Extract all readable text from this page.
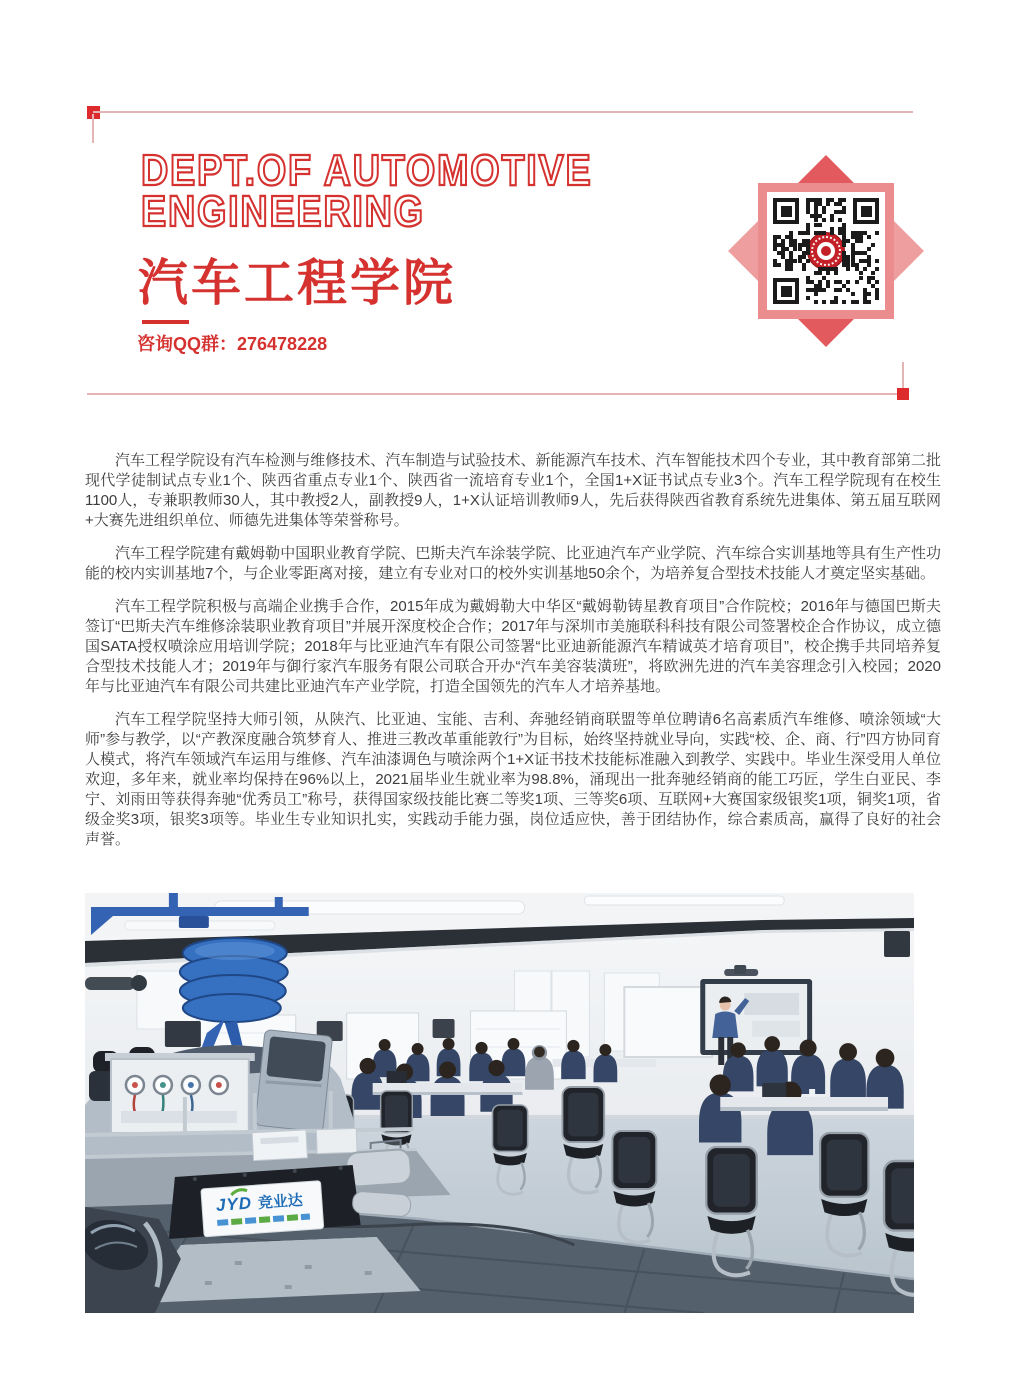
DEPT.OF AUTOMOTIVE
ENGINEERING
汽车工程学院
咨询QQ群：276478228

汽车工程学院设有汽车检测与维修技术、汽车制造与试验技术、新能源汽车技术、汽车智能技术四个专业，其中教育部第二批现代学徒制试点专业1个、陕西省重点专业1个、陕西省一流培育专业1个，全国1+X证书试点专业3个。汽车工程学院现有在校生1100人，专兼职教师30人，其中教授2人，副教授9人，1+X认证培训教师9人，先后获得陕西省教育系统先进集体、第五届互联网+大赛先进组织单位、师德先进集体等荣誉称号。

汽车工程学院建有戴姆勒中国职业教育学院、巴斯夫汽车涂装学院、比亚迪汽车产业学院、汽车综合实训基地等具有生产性功能的校内实训基地7个，与企业零距离对接，建立有专业对口的校外实训基地50余个，为培养复合型技术技能人才奠定坚实基础。

汽车工程学院积极与高端企业携手合作，2015年成为戴姆勒大中华区“戴姆勒铸星教育项目”合作院校；2016年与德国巴斯夫签订“巴斯夫汽车维修涂装职业教育项目”并展开深度校企合作；2017年与深圳市美施联科科技有限公司签署校企合作协议，成立德国SATA授权喷涂应用培训学院；2018年与比亚迪汽车有限公司签署“比亚迪新能源汽车精诚英才培育项目”，校企携手共同培养复合型技术技能人才；2019年与御行家汽车服务有限公司联合开办“汽车美容装潢班”，将欧洲先进的汽车美容理念引入校园；2020年与比亚迪汽车有限公司共建比亚迪汽车产业学院，打造全国领先的汽车人才培养基地。

汽车工程学院坚持大师引领，从陕汽、比亚迪、宝能、吉利、奔驰经销商联盟等单位聘请6名高素质汽车维修、喷涂领域“大师”参与教学，以“产教深度融合筑梦育人、推进三教改革重能敦行”为目标，始终坚持就业导向，实践“校、企、商、行”四方协同育人模式，将汽车领域汽车运用与维修、汽车油漆调色与喷涂两个1+X证书技术技能标准融入到教学、实践中。毕业生深受用人单位欢迎，多年来，就业率均保持在96%以上，2021届毕业生就业率为98.8%，涌现出一批奔驰经销商的能工巧匠，学生白亚民、李宁、刘雨田等获得奔驰“优秀员工”称号，获得国家级技能比赛二等奖1项、三等奖6项、互联网+大赛国家级银奖1项，铜奖1项，省级金奖3项，银奖3项等。毕业生专业知识扎实，实践动手能力强，岗位适应快，善于团结协作，综合素质高，赢得了良好的社会声誉。

JYD 竞业达
